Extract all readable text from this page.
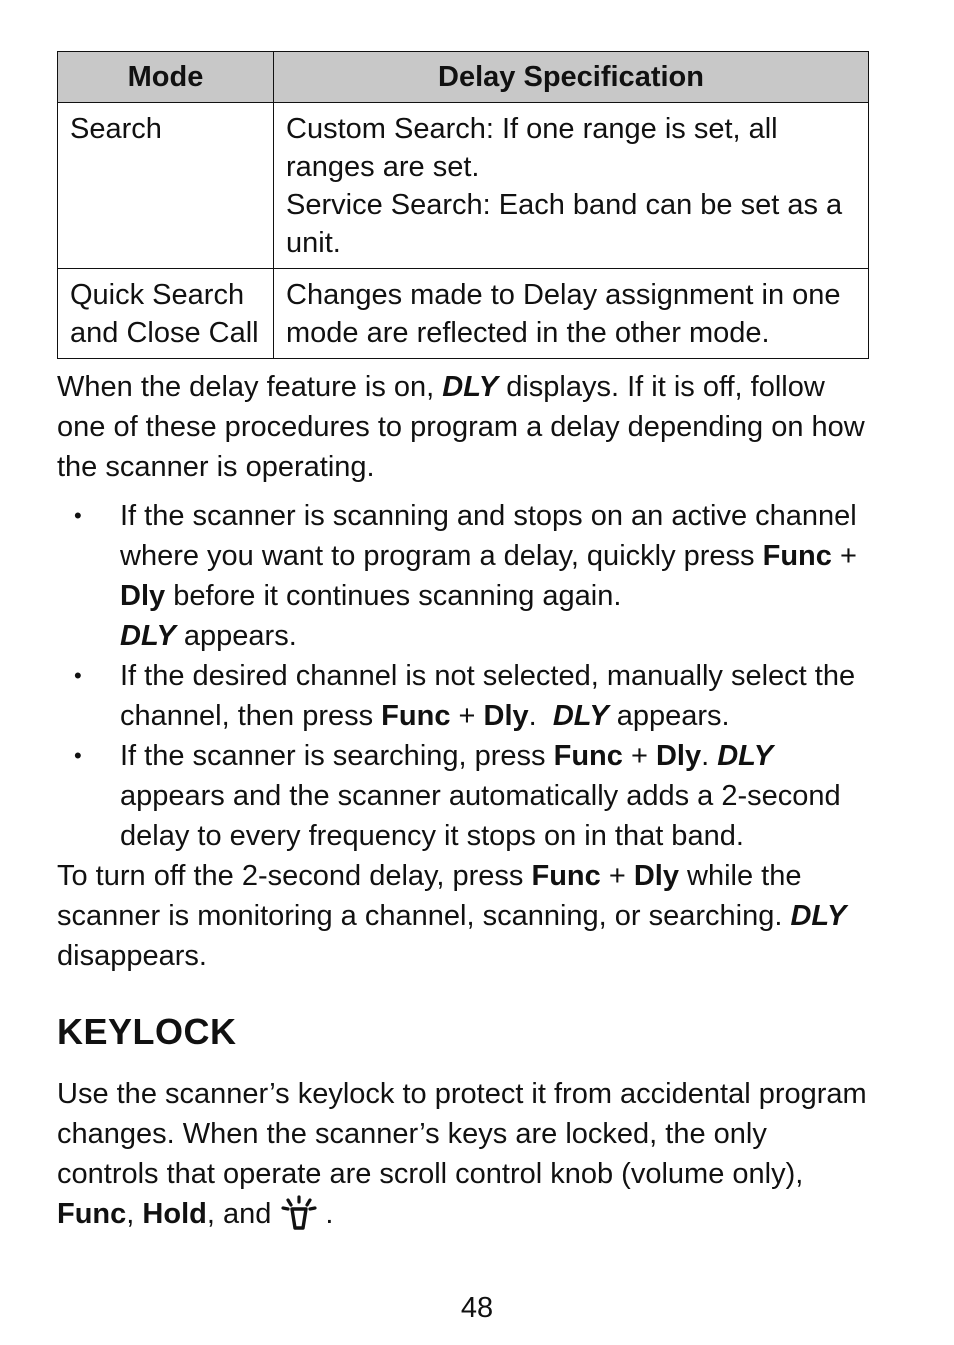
Mode	Delay Specification
Search	Custom Search: If one range is set, all ranges are set.
Service Search: Each band can be set as a unit.

Quick Search
and Close Call	Changes made to Delay assignment in one mode are reflected in the other mode.

When the delay feature is on, DLY displays. If it is off, follow one of these procedures to program a delay depending on how the scanner is operating.

• If the scanner is scanning and stops on an active channel where you want to program a delay, quickly press Func + Dly before it continues scanning again.
DLY appears.
• If the desired channel is not selected, manually select the channel, then press Func + Dly.  DLY appears.
• If the scanner is searching, press Func + Dly. DLY appears and the scanner automatically adds a 2-second delay to every frequency it stops on in that band.

To turn off the 2-second delay, press Func + Dly while the scanner is monitoring a channel, scanning, or searching. DLY
disappears.

KEYLOCK

Use the scanner’s keylock to protect it from accidental program changes. When the scanner’s keys are locked, the only controls that operate are scroll control knob (volume only), Func, Hold, and .

48
